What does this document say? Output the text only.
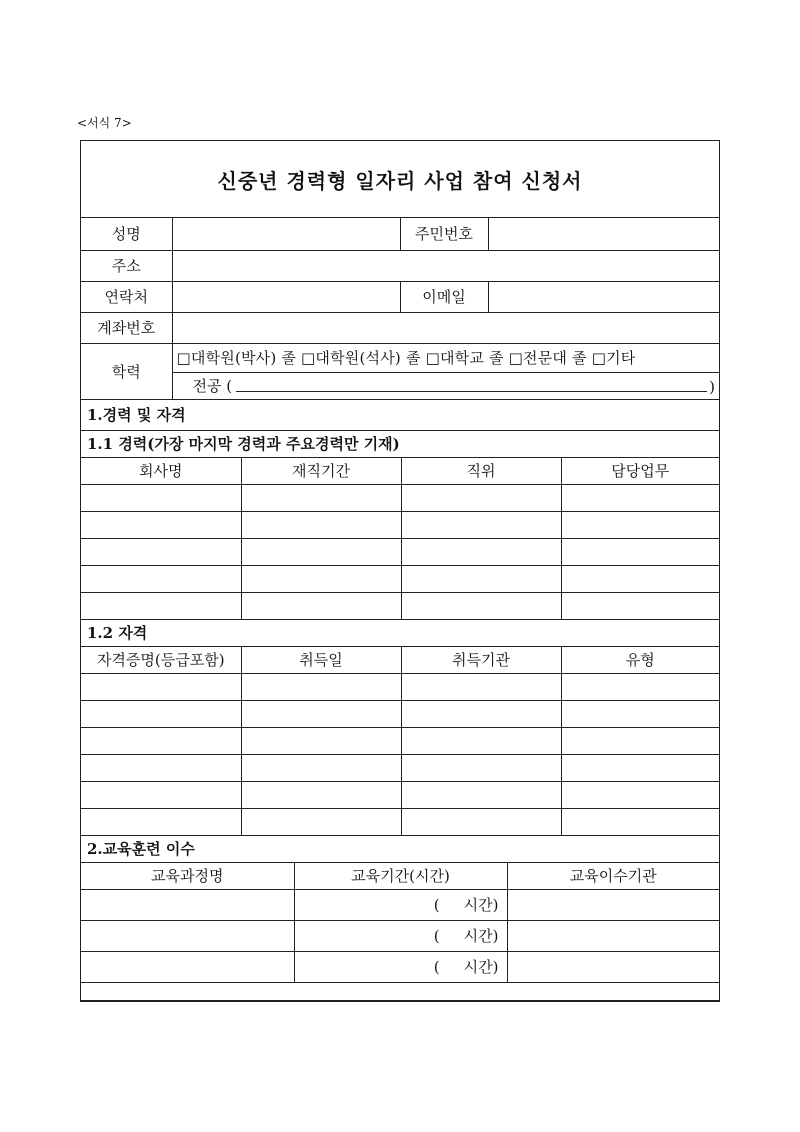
<서식 7>
신중년 경력형 일자리 사업 참여 신청서
성명		주민번호	
주소			
연락처		이메일	
계좌번호			
학력	□대학원(박사) 졸 □대학원(석사) 졸 □대학교 졸 □전문대 졸 □기타		

	전공 ( )		

1.경력 및 자격			
1.1 경력(가장 마지막 경력과 주요경력만 기재)			
회사명	재직기간	직위	담당업무

1.2 자격			
자격증명(등급포함)	취득일	취득기관	유형

2.교육훈련 이수			
교육과정명	교육기간(시간)	교육이수기관
	( 시간)	
	( 시간)	
	( 시간)	
